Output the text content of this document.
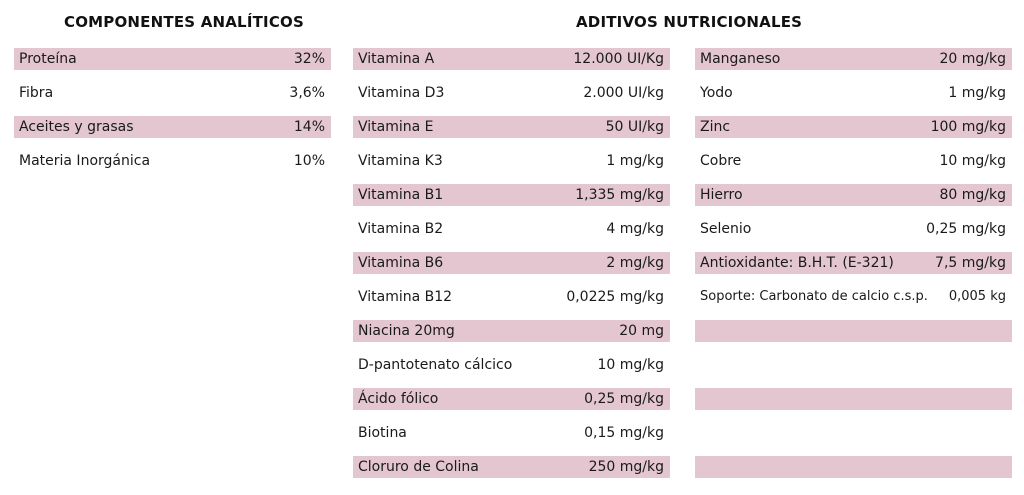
COMPONENTES ANALÍTICOS	ADITIVOS NUTRICIONALES
Proteína	32%
Fibra	3,6%
Aceites y grasas	14%
Materia Inorgánica	10%
Vitamina A	12.000 UI/Kg
Vitamina D3	2.000 UI/kg
Vitamina E	50 UI/kg
Vitamina K3	1 mg/kg
Vitamina B1	1,335 mg/kg
Vitamina B2	4 mg/kg
Vitamina B6	2 mg/kg
Vitamina B12	0,0225 mg/kg
Niacina 20mg	20 mg
D-pantotenato cálcico	10 mg/kg
Ácido fólico	0,25 mg/kg
Biotina	0,15 mg/kg
Cloruro de Colina	250 mg/kg
Manganeso	20 mg/kg
Yodo	1 mg/kg
Zinc	100 mg/kg
Cobre	10 mg/kg
Hierro	80 mg/kg
Selenio	0,25 mg/kg
Antioxidante: B.H.T. (E-321)	7,5 mg/kg
Soporte: Carbonato de calcio c.s.p. 0,005 kg
